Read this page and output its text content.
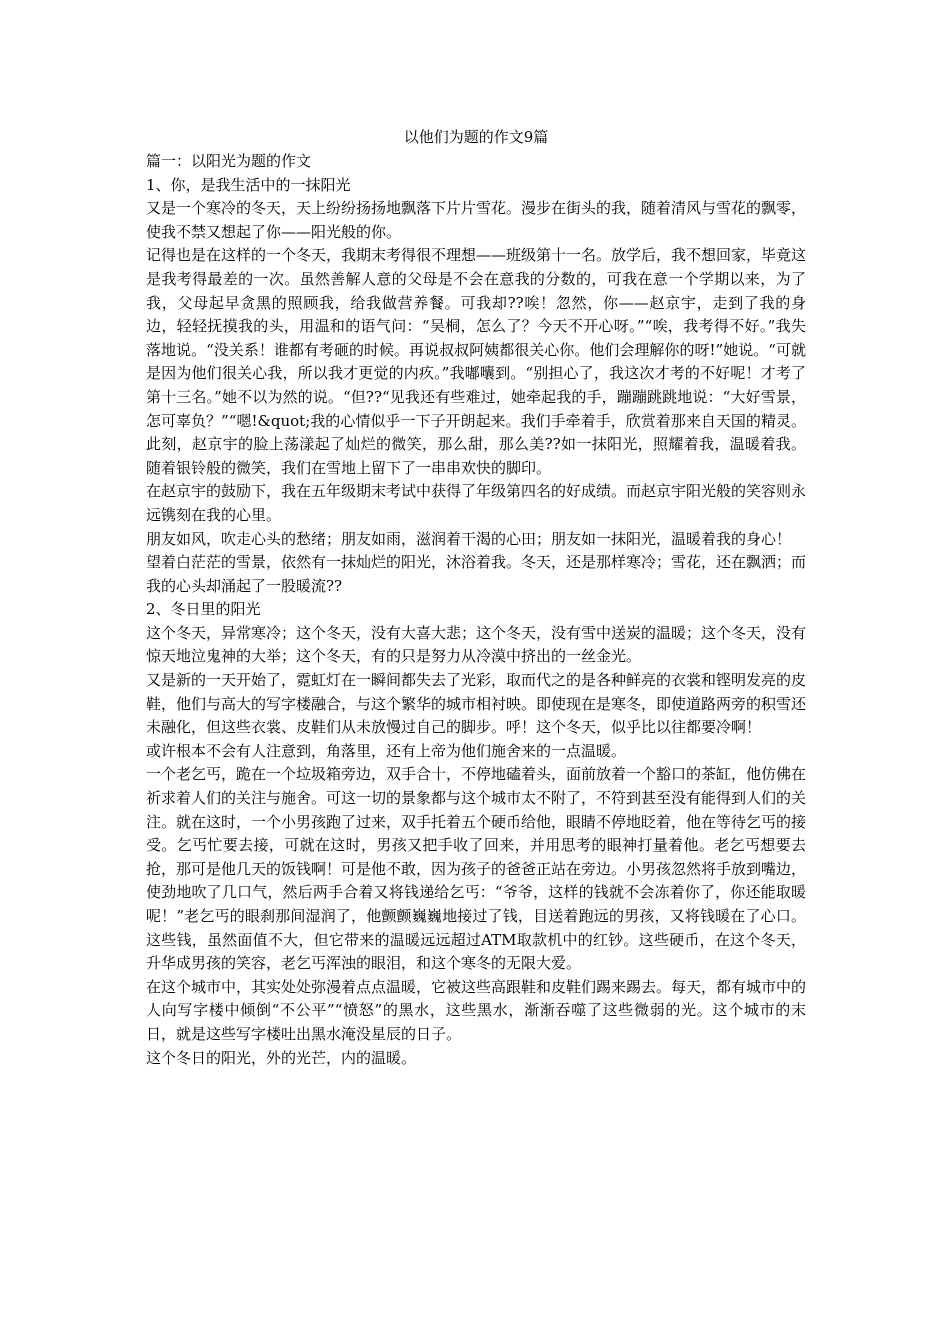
以他们为题的作文9篇

篇一：以阳光为题的作文

1、你，是我生活中的一抹阳光

又是一个寒冷的冬天，天上纷纷扬扬地飘落下片片雪花。漫步在街头的我，随着清风与雪花的飘零，使我不禁又想起了你——阳光般的你。

记得也是在这样的一个冬天，我期末考得很不理想——班级第十一名。放学后，我不想回家，毕竟这是我考得最差的一次。虽然善解人意的父母是不会在意我的分数的，可我在意一个学期以来，为了我，父母起早贪黑的照顾我，给我做营养餐。可我却??唉！忽然，你——赵京宇，走到了我的身边，轻轻抚摸我的头，用温和的语气问：“吴桐，怎么了？今天不开心呀。”“唉，我考得不好。”我失落地说。“没关系！谁都有考砸的时候。再说叔叔阿姨都很关心你。他们会理解你的呀!”她说。“可就是因为他们很关心我，所以我才更觉的内疚。”我嘟囔到。“别担心了，我这次才考的不好呢！才考了第十三名。”她不以为然的说。“但??“见我还有些难过，她牵起我的手，蹦蹦跳跳地说：“大好雪景，怎可辜负？”“嗯!&quot;我的心情似乎一下子开朗起来。我们手牵着手，欣赏着那来自天国的精灵。此刻，赵京宇的脸上荡漾起了灿烂的微笑，那么甜，那么美??如一抹阳光，照耀着我，温暖着我。随着银铃般的微笑，我们在雪地上留下了一串串欢快的脚印。

在赵京宇的鼓励下，我在五年级期末考试中获得了年级第四名的好成绩。而赵京宇阳光般的笑容则永远镌刻在我的心里。

朋友如风，吹走心头的愁绪；朋友如雨，滋润着干渴的心田；朋友如一抹阳光，温暖着我的身心！

望着白茫茫的雪景，依然有一抹灿烂的阳光，沐浴着我。冬天，还是那样寒冷；雪花，还在飘洒；而我的心头却涌起了一股暖流??

2、冬日里的阳光

这个冬天，异常寒冷；这个冬天，没有大喜大悲；这个冬天，没有雪中送炭的温暖；这个冬天，没有惊天地泣鬼神的大举；这个冬天，有的只是努力从冷漠中挤出的一丝金光。

又是新的一天开始了，霓虹灯在一瞬间都失去了光彩，取而代之的是各种鲜亮的衣裳和铿明发亮的皮鞋，他们与高大的写字楼融合，与这个繁华的城市相衬映。即使现在是寒冬，即使道路两旁的积雪还未融化，但这些衣裳、皮鞋们从未放慢过自己的脚步。呼！这个冬天，似乎比以往都要冷啊！

或许根本不会有人注意到，角落里，还有上帝为他们施舍来的一点温暖。

一个老乞丐，跪在一个垃圾箱旁边，双手合十，不停地磕着头，面前放着一个豁口的茶缸，他仿佛在祈求着人们的关注与施舍。可这一切的景象都与这个城市太不附了，不符到甚至没有能得到人们的关注。就在这时，一个小男孩跑了过来，双手托着五个硬币给他，眼睛不停地眨着，他在等待乞丐的接受。乞丐忙要去接，可就在这时，男孩又把手收了回来，并用思考的眼神打量着他。老乞丐想要去抢，那可是他几天的饭钱啊！可是他不敢，因为孩子的爸爸正站在旁边。小男孩忽然将手放到嘴边，使劲地吹了几口气，然后两手合着又将钱递给乞丐：“爷爷，这样的钱就不会冻着你了，你还能取暖呢！”老乞丐的眼刹那间湿润了，他颤颤巍巍地接过了钱，目送着跑远的男孩，又将钱暖在了心口。这些钱，虽然面值不大，但它带来的温暖远远超过ATM取款机中的红钞。这些硬币，在这个冬天，升华成男孩的笑容，老乞丐浑浊的眼泪，和这个寒冬的无限大爱。

在这个城市中，其实处处弥漫着点点温暖，它被这些高跟鞋和皮鞋们踢来踢去。每天，都有城市中的人向写字楼中倾倒“不公平”“愤怒”的黑水，这些黑水，渐渐吞噬了这些微弱的光。这个城市的末日，就是这些写字楼吐出黑水淹没星辰的日子。

这个冬日的阳光，外的光芒，内的温暖。
